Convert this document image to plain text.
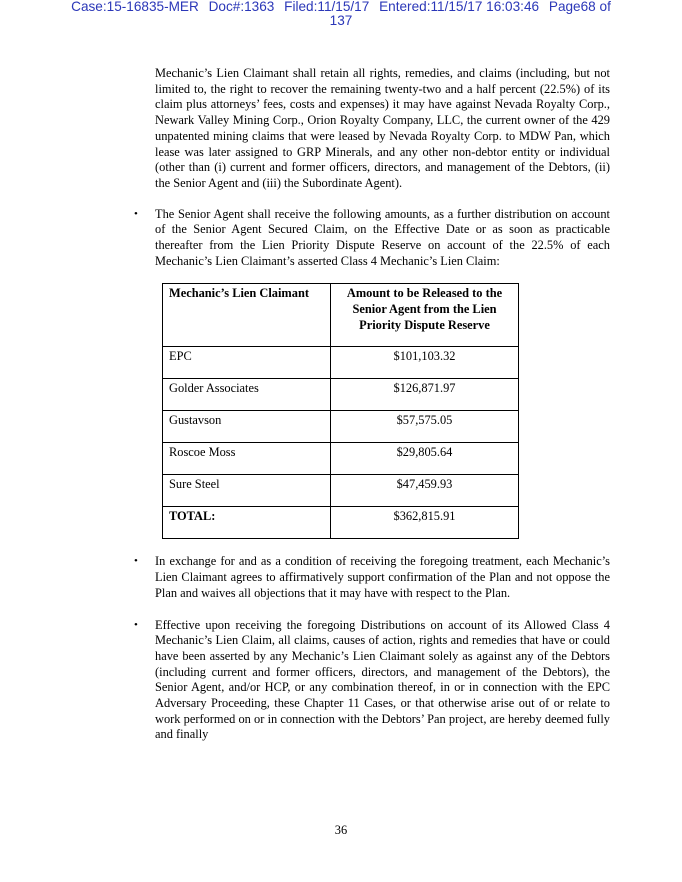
Case:15-16835-MER Doc#:1363 Filed:11/15/17 Entered:11/15/17 16:03:46 Page68 of
137

Mechanic’s Lien Claimant shall retain all rights, remedies, and claims (including, but not limited to, the right to recover the remaining twenty-two and a half percent (22.5%) of its claim plus attorneys’ fees, costs and expenses) it may have against Nevada Royalty Corp., Newark Valley Mining Corp., Orion Royalty Company, LLC, the current owner of the 429 unpatented mining claims that were leased by Nevada Royalty Corp. to MDW Pan, which lease was later assigned to GRP Minerals, and any other non-debtor entity or individual (other than (i) current and former officers, directors, and management of the Debtors, (ii) the Senior Agent and (iii) the Subordinate Agent).

• The Senior Agent shall receive the following amounts, as a further distribution on account of the Senior Agent Secured Claim, on the Effective Date or as soon as practicable thereafter from the Lien Priority Dispute Reserve on account of the 22.5% of each Mechanic’s Lien Claimant’s asserted Class 4 Mechanic’s Lien Claim:

Mechanic’s Lien Claimant	Amount to be Released to the Senior Agent from the Lien Priority Dispute Reserve
EPC	$101,103.32
Golder Associates	$126,871.97
Gustavson	$57,575.05
Roscoe Moss	$29,805.64
Sure Steel	$47,459.93
TOTAL:	$362,815.91
• In exchange for and as a condition of receiving the foregoing treatment, each Mechanic’s Lien Claimant agrees to affirmatively support confirmation of the Plan and not oppose the Plan and waives all objections that it may have with respect to the Plan.

• Effective upon receiving the foregoing Distributions on account of its Allowed Class 4 Mechanic’s Lien Claim, all claims, causes of action, rights and remedies that have or could have been asserted by any Mechanic’s Lien Claimant solely as against any of the Debtors (including current and former officers, directors, and management of the Debtors), the Senior Agent, and/or HCP, or any combination thereof, in or in connection with the EPC Adversary Proceeding, these Chapter 11 Cases, or that otherwise arise out of or relate to work performed on or in connection with the Debtors’ Pan project, are hereby deemed fully and finally

36
